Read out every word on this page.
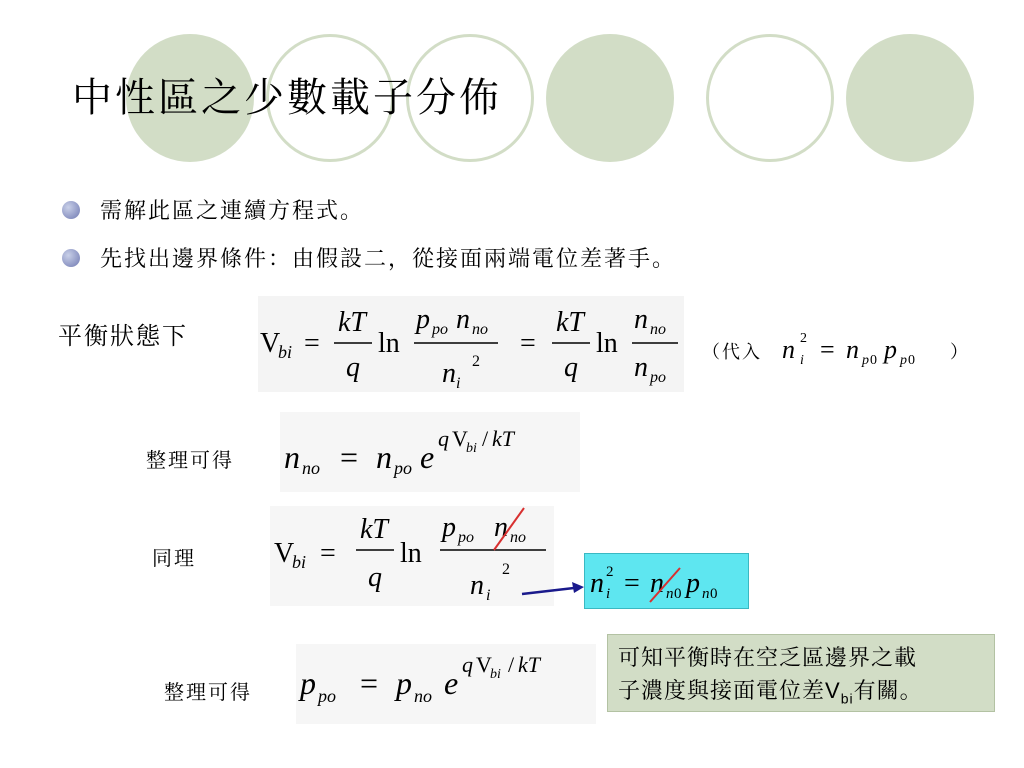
中性區之少數載子分佈
需解此區之連續方程式。
先找出邊界條件：由假設二，從接面兩端電位差著手。
平衡狀態下
整理可得
同理
整理可得
V
bi =
kT
q
ln
p po n no
n i
2
=
kT
q
ln
n no
n po
（代入 n i
2 = n p 0 p p 0 ）
n no = n po e
q V
bi / kT
V
bi =
kT
q
ln
p po n no
n i
2	n i
2 = n n 0 p n 0
p po = p no e
q V
bi / kT	可知平衡時在空乏區邊界之載
子濃度與接面電位差$V_{bi}$有關。
